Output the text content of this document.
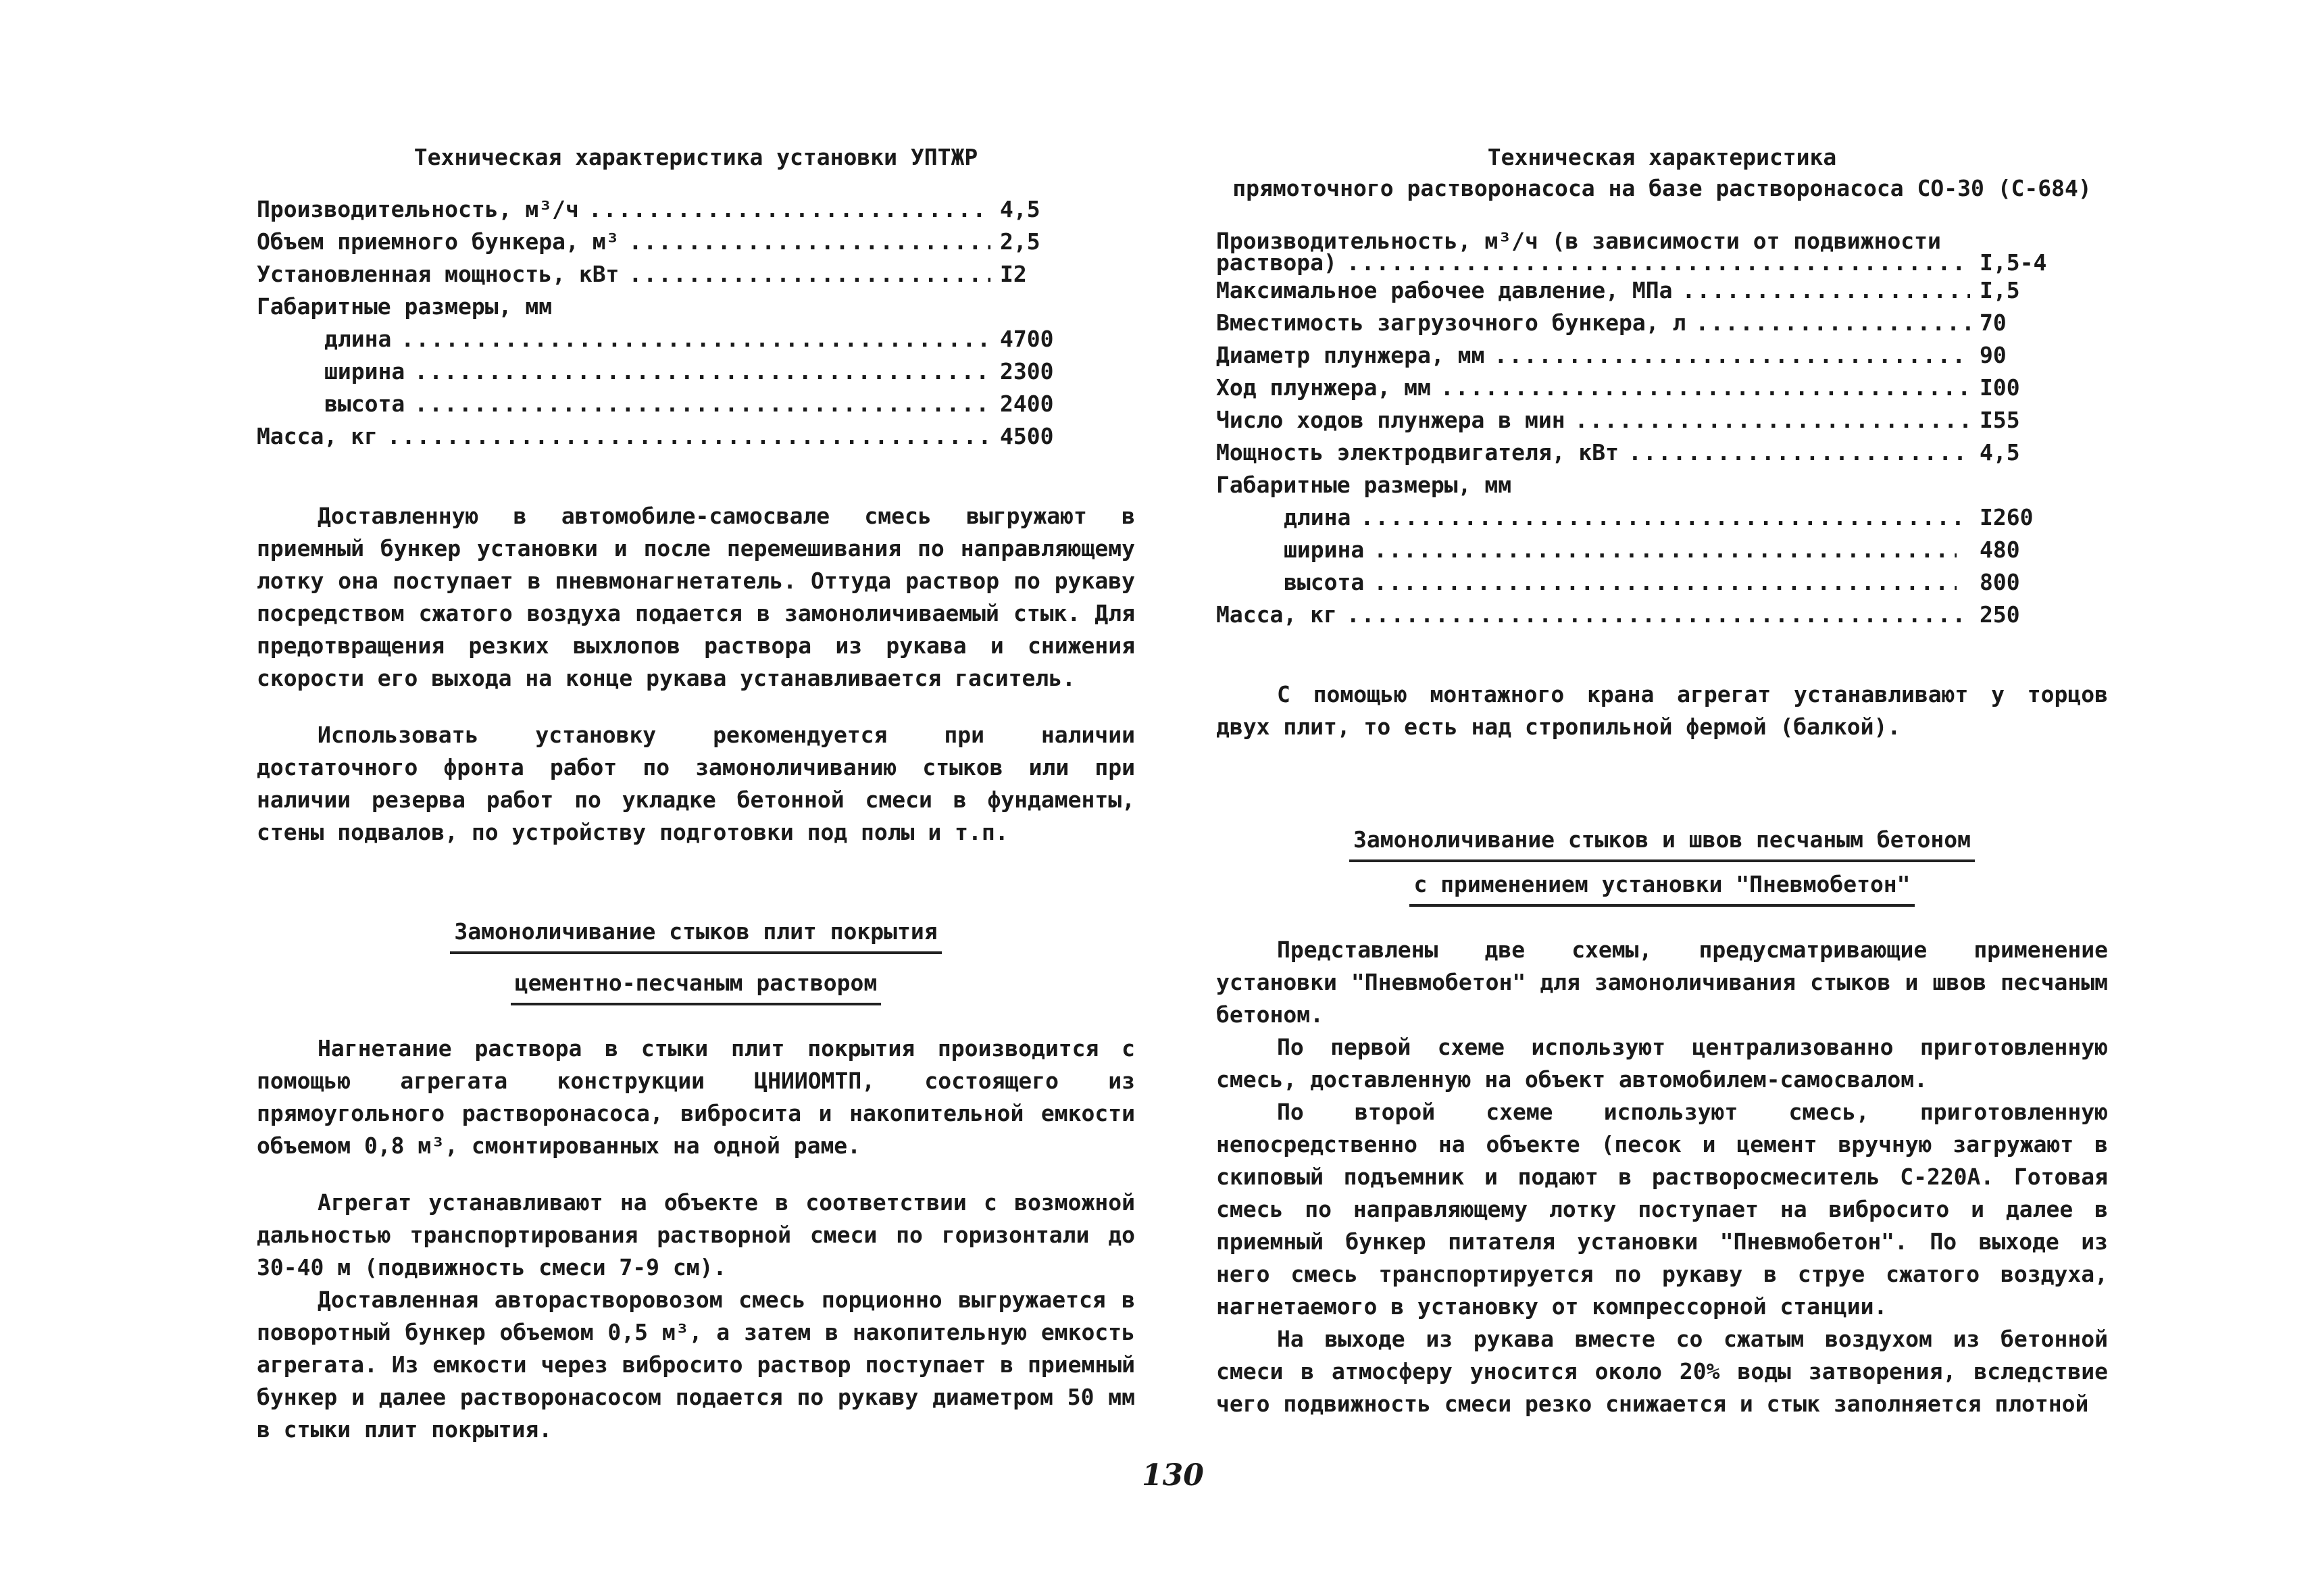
Техническая характеристика установки УПТЖР

Производительность, м³/ч .....	4,5
Объем приемного бункера, м³ .....	2,5
Установленная мощность, кВт .....	I2
Габаритные размеры, мм
длина .....	4700
ширина .....	2300
высота .....	2400
Масса, кг .....	4500

Доставленную в автомобиле-самосвале смесь выгружают в приемный бункер установки и после перемешивания по направляющему лотку она поступает в пневмонагнетатель. Оттуда раствор по рукаву посредством сжатого воздуха подается в замоноличиваемый стык. Для предотвращения резких выхлопов раствора из рукава и снижения скорости его выхода на конце рукава устанавливается гаситель.

Использовать установку рекомендуется при наличии достаточного фронта работ по замоноличиванию стыков или при наличии резерва работ по укладке бетонной смеси в фундаменты, стены подвалов, по устройству подготовки под полы и т.п.

Замоноличивание стыков плит покрытия
цементно-песчаным раствором

Нагнетание раствора в стыки плит покрытия производится с помощью агрегата конструкции ЦНИИОМТП, состоящего из прямоугольного растворонасоса, вибросита и накопительной емкости объемом 0,8 м³, смонтированных на одной раме.

Агрегат устанавливают на объекте в соответствии с возможной дальностью транспортирования растворной смеси по горизонтали до 30-40 м (подвижность смеси 7-9 см).

Доставленная авторастворовозом смесь порционно выгружается в поворотный бункер объемом 0,5 м³, а затем в накопительную емкость агрегата. Из емкости через вибросито раствор поступает в приемный бункер и далее растворонасосом подается по рукаву диаметром 50 мм в стыки плит покрытия.

Техническая характеристика

прямоточного растворонасоса на базе растворонасоса СО-30 (С-684)

Производительность, м³/ч (в зависимости от подвижности
раствора) .....	I,5-4
Максимальное рабочее давление, МПа .....	I,5
Вместимость загрузочного бункера, л .....	70
Диаметр плунжера, мм .....	90
Ход плунжера, мм .....	I00
Число ходов плунжера в мин .....	I55
Мощность электродвигателя, кВт .....	4,5
Габаритные размеры, мм
длина .....	I260
ширина .....	480
высота .....	800
Масса, кг .....	250

С помощью монтажного крана агрегат устанавливают у торцов двух плит, то есть над стропильной фермой (балкой).

Замоноличивание стыков и швов песчаным бетоном
с применением установки "Пневмобетон"

Представлены две схемы, предусматривающие применение установки "Пневмобетон" для замоноличивания стыков и швов песчаным бетоном.

По первой схеме используют централизованно приготовленную смесь, доставленную на объект автомобилем-самосвалом.

По второй схеме используют смесь, приготовленную непосредственно на объекте (песок и цемент вручную загружают в скиповый подъемник и подают в растворосмеситель С-220А. Готовая смесь по направляющему лотку поступает на вибросито и далее в приемный бункер питателя установки "Пневмобетон". По выходе из него смесь транспортируется по рукаву в струе сжатого воздуха, нагнетаемого в установку от компрессорной станции.

На выходе из рукава вместе со сжатым воздухом из бетонной смеси в атмосферу уносится около 20% воды затворения, вследствие чего подвижность смеси резко снижается и стык заполняется плотной

130
